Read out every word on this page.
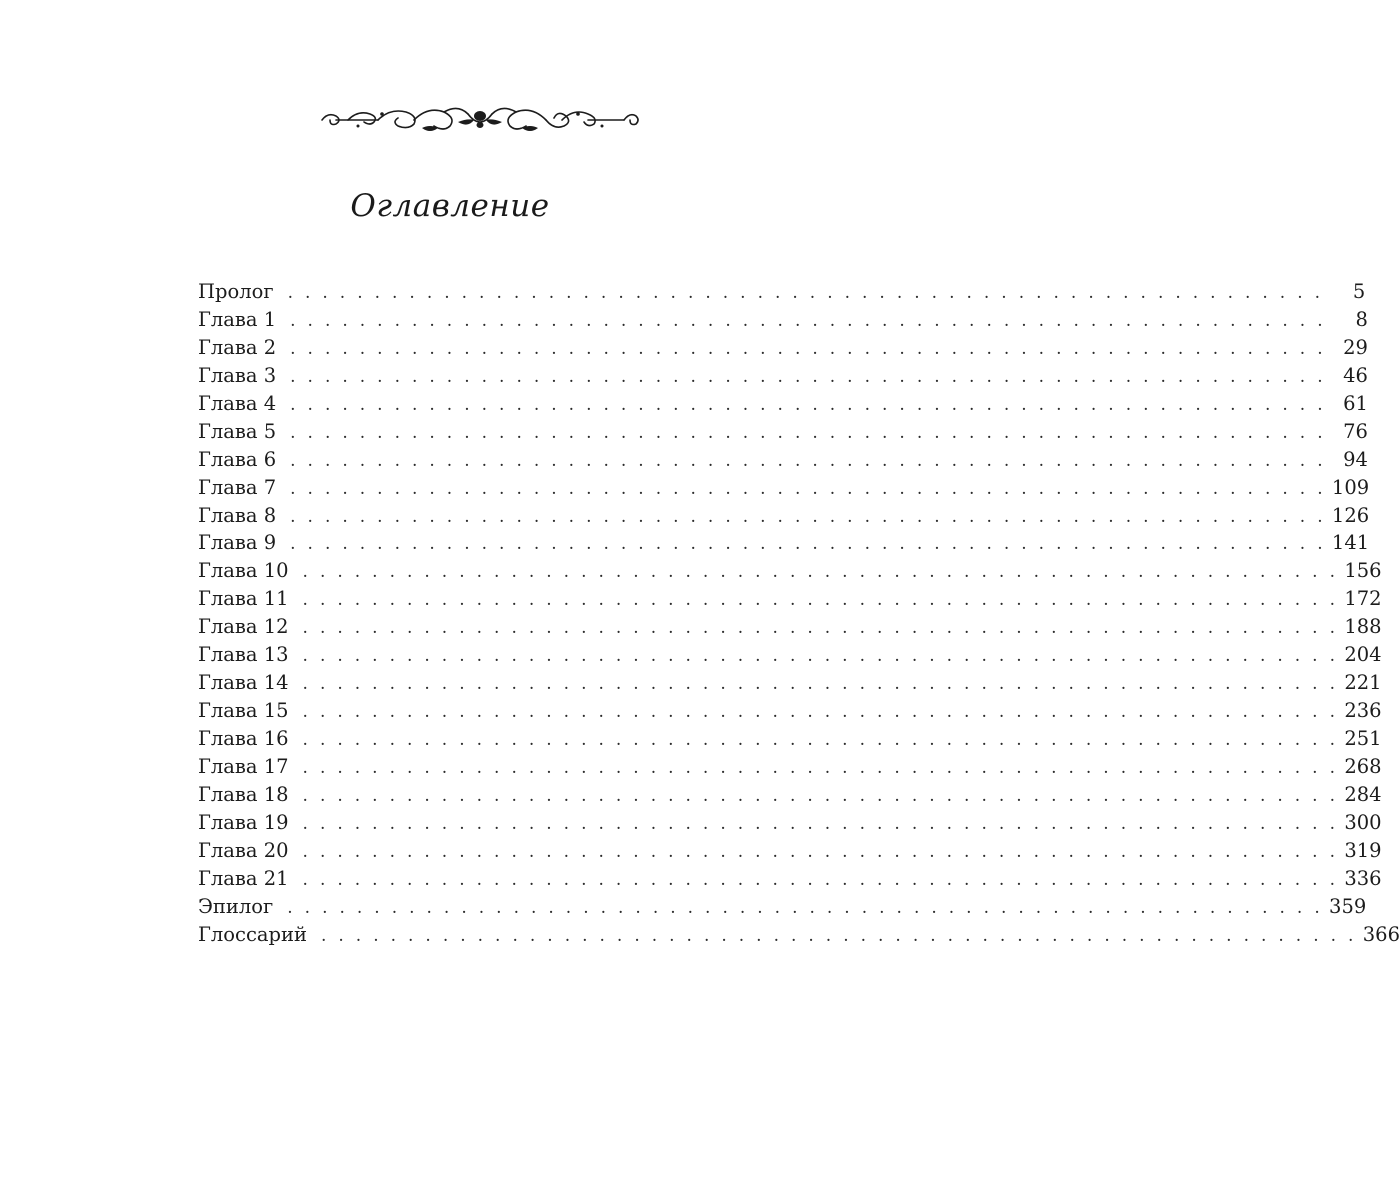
Оглавление
Пролог . . . . . . . . . . . . . . . . . . . . . . . . . . . . . . . . . . . . . . . . . . . . . . . . . . . . . . . . . . . .	5
Глава 1 . . . . . . . . . . . . . . . . . . . . . . . . . . . . . . . . . . . . . . . . . . . . . . . . . . . . . . . . . . . .	8
Глава 2 . . . . . . . . . . . . . . . . . . . . . . . . . . . . . . . . . . . . . . . . . . . . . . . . . . . . . . . . . . . . 29
Глава 3 . . . . . . . . . . . . . . . . . . . . . . . . . . . . . . . . . . . . . . . . . . . . . . . . . . . . . . . . . . . . 46
Глава 4 . . . . . . . . . . . . . . . . . . . . . . . . . . . . . . . . . . . . . . . . . . . . . . . . . . . . . . . . . . . . 61
Глава 5 . . . . . . . . . . . . . . . . . . . . . . . . . . . . . . . . . . . . . . . . . . . . . . . . . . . . . . . . . . . . 76
Глава 6 . . . . . . . . . . . . . . . . . . . . . . . . . . . . . . . . . . . . . . . . . . . . . . . . . . . . . . . . . . . . 94
Глава 7 . . . . . . . . . . . . . . . . . . . . . . . . . . . . . . . . . . . . . . . . . . . . . . . . . . . . . . . . . . . . 109
Глава 8 . . . . . . . . . . . . . . . . . . . . . . . . . . . . . . . . . . . . . . . . . . . . . . . . . . . . . . . . . . . . 126
Глава 9 . . . . . . . . . . . . . . . . . . . . . . . . . . . . . . . . . . . . . . . . . . . . . . . . . . . . . . . . . . . . 141
Глава 10 . . . . . . . . . . . . . . . . . . . . . . . . . . . . . . . . . . . . . . . . . . . . . . . . . . . . . . . . . . . . 156
Глава 11 . . . . . . . . . . . . . . . . . . . . . . . . . . . . . . . . . . . . . . . . . . . . . . . . . . . . . . . . . . . . 172
Глава 12 . . . . . . . . . . . . . . . . . . . . . . . . . . . . . . . . . . . . . . . . . . . . . . . . . . . . . . . . . . . . 188
Глава 13 . . . . . . . . . . . . . . . . . . . . . . . . . . . . . . . . . . . . . . . . . . . . . . . . . . . . . . . . . . . . 204
Глава 14 . . . . . . . . . . . . . . . . . . . . . . . . . . . . . . . . . . . . . . . . . . . . . . . . . . . . . . . . . . . . 221
Глава 15 . . . . . . . . . . . . . . . . . . . . . . . . . . . . . . . . . . . . . . . . . . . . . . . . . . . . . . . . . . . . 236
Глава 16 . . . . . . . . . . . . . . . . . . . . . . . . . . . . . . . . . . . . . . . . . . . . . . . . . . . . . . . . . . . . 251
Глава 17 . . . . . . . . . . . . . . . . . . . . . . . . . . . . . . . . . . . . . . . . . . . . . . . . . . . . . . . . . . . . 268
Глава 18 . . . . . . . . . . . . . . . . . . . . . . . . . . . . . . . . . . . . . . . . . . . . . . . . . . . . . . . . . . . . 284
Глава 19 . . . . . . . . . . . . . . . . . . . . . . . . . . . . . . . . . . . . . . . . . . . . . . . . . . . . . . . . . . . . 300
Глава 20 . . . . . . . . . . . . . . . . . . . . . . . . . . . . . . . . . . . . . . . . . . . . . . . . . . . . . . . . . . . . 319
Глава 21 . . . . . . . . . . . . . . . . . . . . . . . . . . . . . . . . . . . . . . . . . . . . . . . . . . . . . . . . . . . . 336
Эпилог . . . . . . . . . . . . . . . . . . . . . . . . . . . . . . . . . . . . . . . . . . . . . . . . . . . . . . . . . . . . 359
Глоссарий . . . . . . . . . . . . . . . . . . . . . . . . . . . . . . . . . . . . . . . . . . . . . . . . . . . . . . . . . . . . 366
